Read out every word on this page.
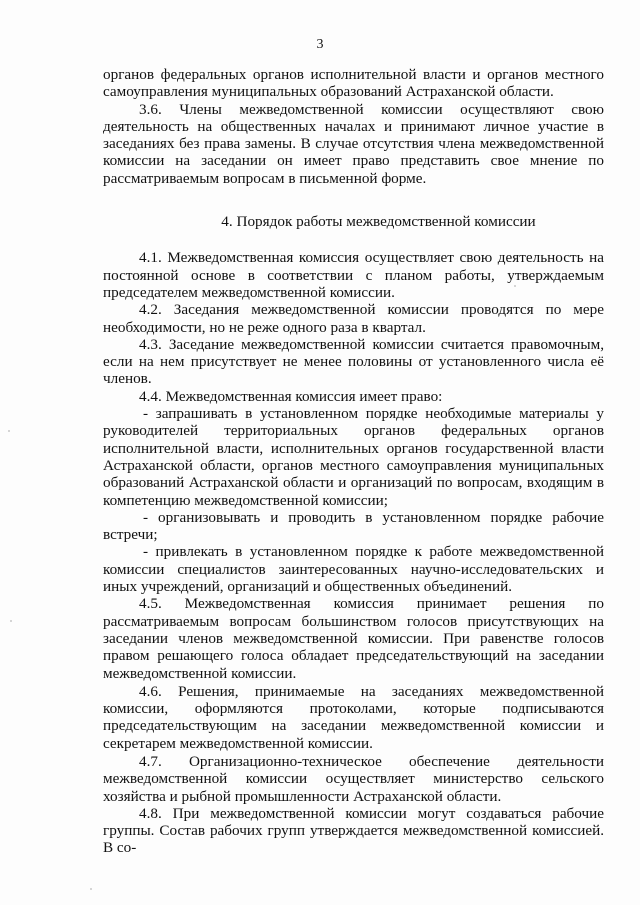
3

органов федеральных органов исполнительной власти и органов местного самоуправления муниципальных образований Астраханской области.

3.6. Члены межведомственной комиссии осуществляют свою деятельность на общественных началах и принимают личное участие в заседаниях без права замены. В случае отсутствия члена межведомственной комиссии на заседании он имеет право представить свое мнение по рассматриваемым вопросам в письменной форме.

4. Порядок работы межведомственной комиссии

4.1. Межведомственная комиссия осуществляет свою деятельность на постоянной основе в соответствии с планом работы, утверждаемым председателем межведомственной комиссии.

4.2. Заседания межведомственной комиссии проводятся по мере необходимости, но не реже одного раза в квартал.

4.3. Заседание межведомственной комиссии считается правомочным, если на нем присутствует не менее половины от установленного числа её членов.

4.4. Межведомственная комиссия имеет право:

- запрашивать в установленном порядке необходимые материалы у руководителей территориальных органов федеральных органов исполнительной власти, исполнительных органов государственной власти Астраханской области, органов местного самоуправления муниципальных образований Астраханской области и организаций по вопросам, входящим в компетенцию межведомственной комиссии;

- организовывать и проводить в установленном порядке рабочие встречи;

- привлекать в установленном порядке к работе межведомственной комиссии специалистов заинтересованных научно-исследовательских и иных учреждений, организаций и общественных объединений.

4.5. Межведомственная комиссия принимает решения по рассматриваемым вопросам большинством голосов присутствующих на заседании членов межведомственной комиссии. При равенстве голосов правом решающего голоса обладает председательствующий на заседании межведомственной комиссии.

4.6. Решения, принимаемые на заседаниях межведомственной комиссии, оформляются протоколами, которые подписываются председательствующим на заседании межведомственной комиссии и секретарем межведомственной комиссии.

4.7. Организационно-техническое обеспечение деятельности межведомственной комиссии осуществляет министерство сельского хозяйства и рыбной промышленности Астраханской области.

4.8. При межведомственной комиссии могут создаваться рабочие группы. Состав рабочих групп утверждается межведомственной комиссией. В со-
